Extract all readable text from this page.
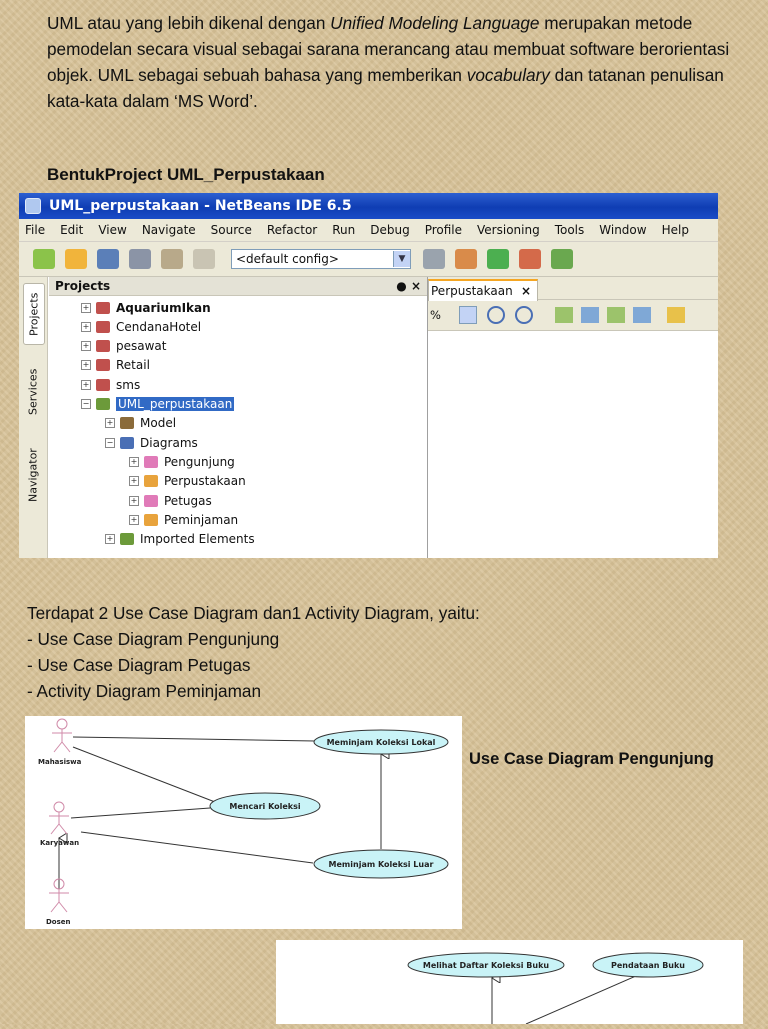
UML atau yang lebih dikenal dengan Unified Modeling Language merupakan metode pemodelan secara visual sebagai sarana merancang atau membuat software berorientasi objek. UML sebagai sebuah bahasa yang memberikan vocabulary dan tatanan penulisan kata-kata dalam ‘MS Word’.
BentukProject UML_Perpustakaan
UML_perpustakaan - NetBeans IDE 6.5
File Edit View Navigate Source Refactor Run Debug Profile Versioning Tools Window Help
<default config>	▼
Projects
Services
Navigator
Projects	● ×
+ AquariumIkan
+ CendanaHotel
+ pesawat
+ Retail
+ sms
− UML_perpustakaan
+ Model
− Diagrams
+ Pengunjung
+ Perpustakaan
+ Petugas
+ Peminjaman
+ Imported Elements
Perpustakaan ×
%
Terdapat 2 Use Case Diagram dan1 Activity Diagram, yaitu:
- Use Case Diagram Pengunjung
- Use Case Diagram Petugas
- Activity Diagram Peminjaman
Mahasiswa
Karyawan
Dosen
Meminjam Koleksi Lokal
Mencari Koleksi
Meminjam Koleksi Luar
Use Case Diagram Pengunjung
Melihat Daftar Koleksi Buku	Pendataan Buku
